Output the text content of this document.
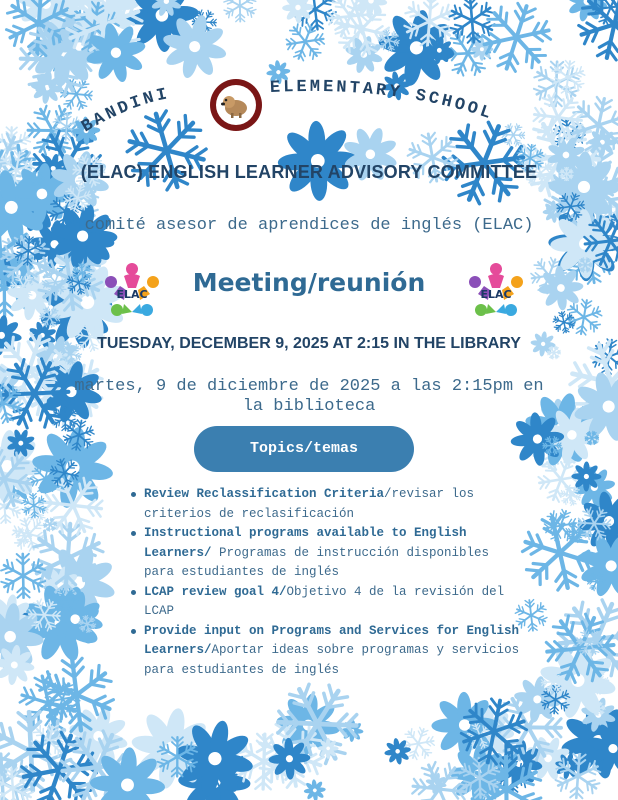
BANDINI	ELEMENTARY SCHOOL
(ELAC) ENGLISH LEARNER ADVISORY COMMITTEE
comité asesor de aprendices de inglés (ELAC)
ELAC	ELAC
Meeting/reunión
TUESDAY, DECEMBER 9, 2025 AT 2:15 IN THE LIBRARY
martes, 9 de diciembre de 2025 a las 2:15pm en la biblioteca
Topics/temas
Review Reclassification Criteria/revisar los criterios de reclasificación
Instructional programs available to English Learners/ Programas de instrucción disponibles para estudiantes de inglés
LCAP review goal 4/Objetivo 4 de la revisión del LCAP
Provide input on Programs and Services for English Learners/Aportar ideas sobre programas y servicios para estudiantes de inglés
